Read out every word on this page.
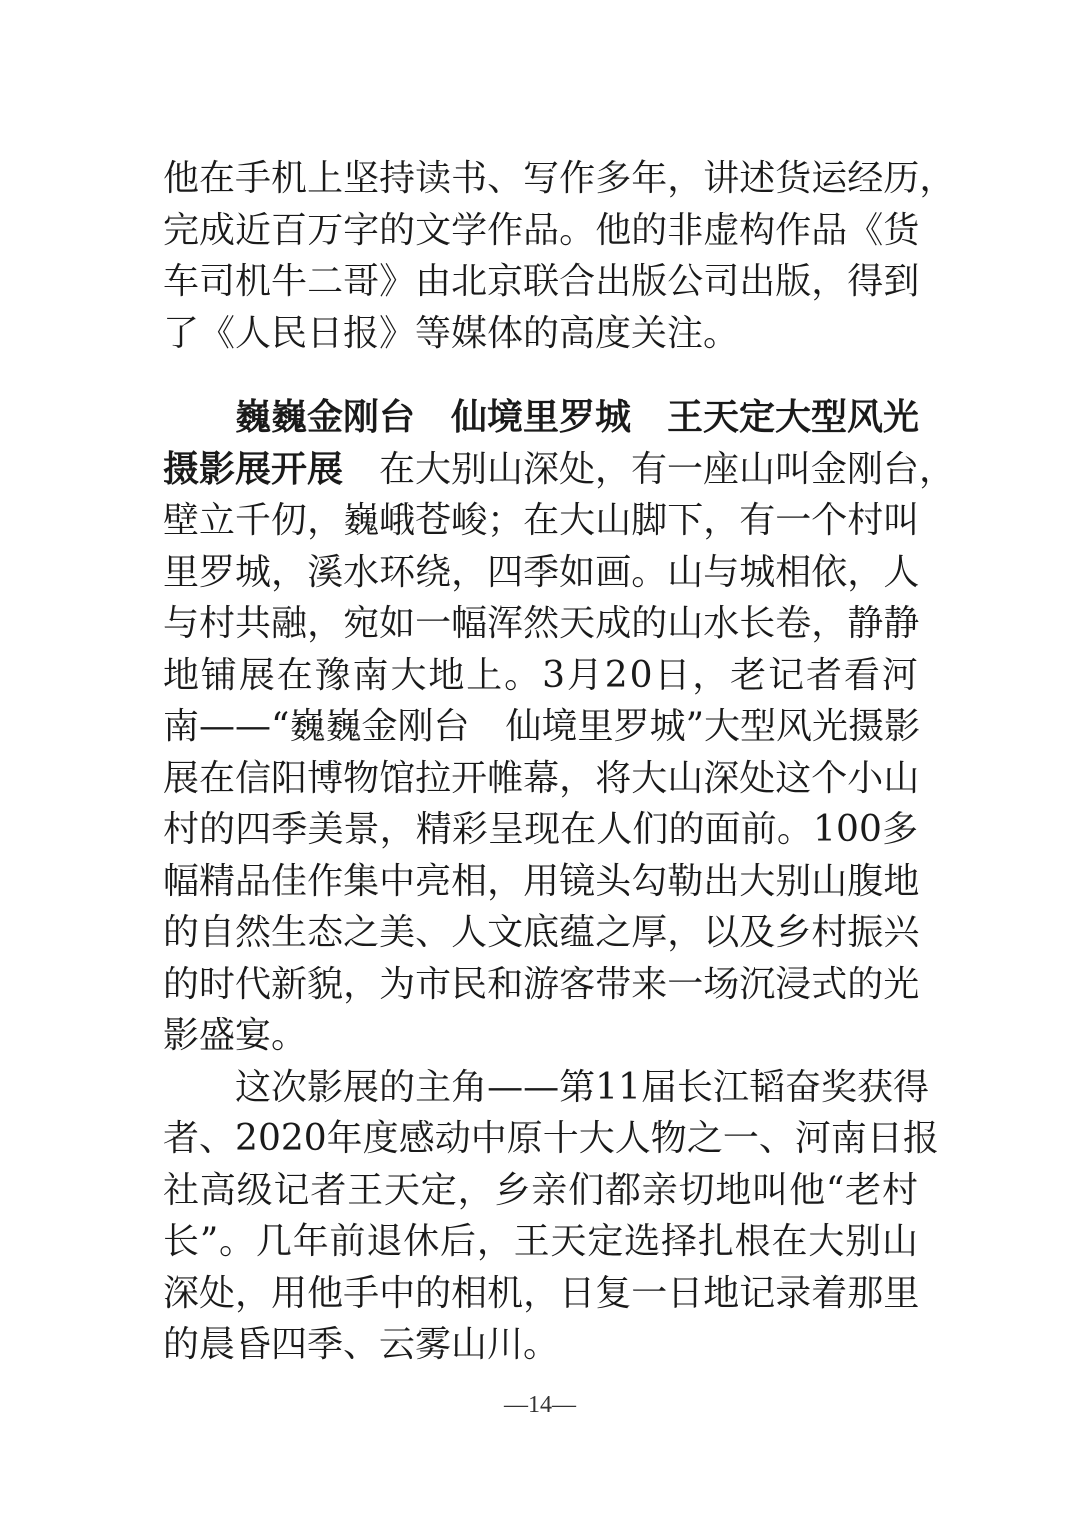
他 在 手 机 上 坚 持 读 书 、 写 作 多 年 ， 讲 述 货 运 经 历 ，
完 成 近 百 万 字 的 文 学 作 品 。 他 的 非 虚 构 作 品 《 货
车 司 机 牛 二 哥 》 由 北 京 联 合 出 版 公 司 出 版 ， 得 到
了《人民日报》等媒体的高度关注。
巍巍金刚台　仙境里罗城　王天定大型风光
摄影展开展 　在大别山深处，有一座山叫金刚台，
壁 立 千 仞 ， 巍 峨 苍 峻 ； 在 大 山 脚 下 ， 有 一 个 村 叫
里 罗 城 ， 溪 水 环 绕 ， 四 季 如 画 。 山 与 城 相 依 ， 人
与 村 共 融 ， 宛 如 一 幅 浑 然 天 成 的 山 水 长 卷 ， 静 静
地 铺 展 在 豫 南 大 地 上 。 3 月 2 0 日 ， 老 记 者 看 河
南 — — “ 巍 巍 金 刚 台
　 仙 境 里 罗 城 ” 大 型 风 光 摄 影
展 在 信 阳 博 物 馆 拉 开 帷 幕 ， 将 大 山 深 处 这 个 小 山
村 的 四 季 美 景 ， 精 彩 呈 现 在 人 们 的 面 前 。 1 0 0 多
幅 精 品 佳 作 集 中 亮 相 ， 用 镜 头 勾 勒 出 大 别 山 腹 地
的 自 然 生 态 之 美 、 人 文 底 蕴 之 厚 ， 以 及 乡 村 振 兴
的 时 代 新 貌 ， 为 市 民 和 游 客 带 来 一 场 沉 浸 式 的 光
影盛宴。
这 次 影 展 的 主 角 — — 第 1 1 届 长 江 韬 奋 奖 获 得
者 、 2 0 2 0 年 度 感 动 中 原 十 大 人 物 之 一 、 河 南 日 报
社 高 级 记 者 王 天 定 ， 乡 亲 们 都 亲 切 地 叫 他 “ 老 村
长 ” 。 几 年 前 退 休 后 ， 王 天 定 选 择 扎 根 在 大 别 山
深 处 ， 用 他 手 中 的 相 机 ， 日 复 一 日 地 记 录 着 那 里
的晨昏四季、云雾山川。
—14—
